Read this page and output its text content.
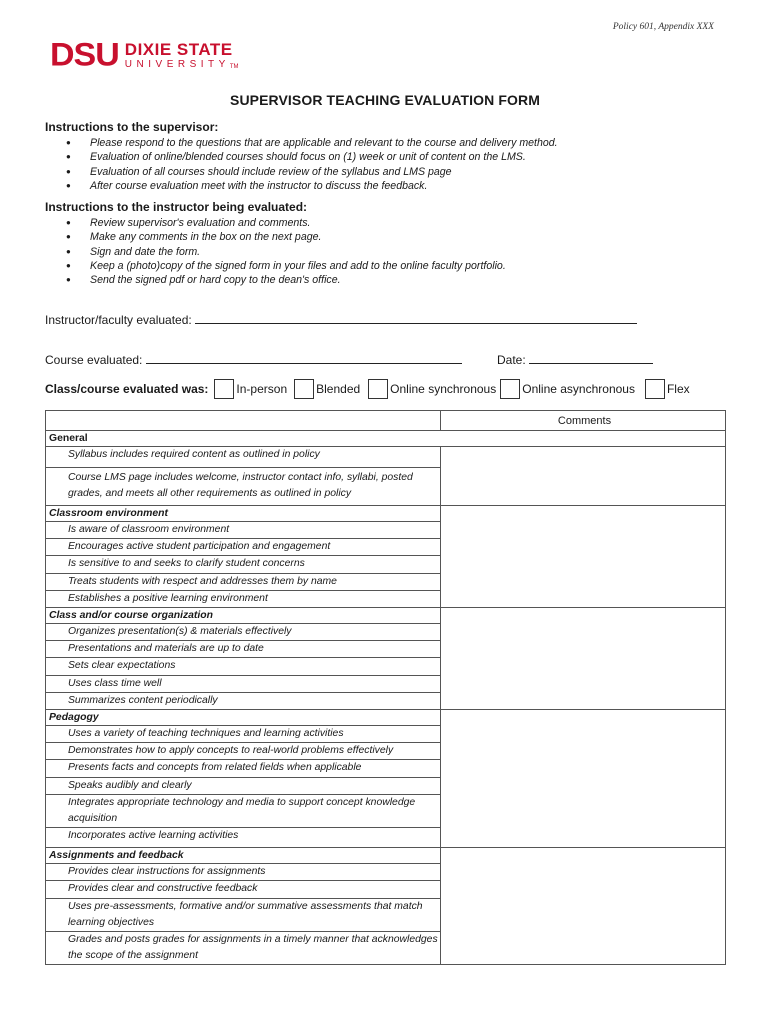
Policy 601, Appendix XXX
DSU DIXIE STATE
UNIVERSITYTM
SUPERVISOR TEACHING EVALUATION FORM
Instructions to the supervisor:
● Please respond to the questions that are applicable and relevant to the course and delivery method.
● Evaluation of online/blended courses should focus on (1) week or unit of content on the LMS.
● Evaluation of all courses should include review of the syllabus and LMS page
● After course evaluation meet with the instructor to discuss the feedback.
Instructions to the instructor being evaluated:
● Review supervisor's evaluation and comments.
● Make any comments in the box on the next page.
● Sign and date the form.
● Keep a (photo)copy of the signed form in your files and add to the online faculty portfolio.
● Send the signed pdf or hard copy to the dean's office.
Instructor/faculty evaluated:
Course evaluated:	Date:
Class/course evaluated was: In-person Blended	Online synchronous Online asynchronous	Flex
	Comments
General	
Syllabus includes required content as outlined in policy	
Course LMS page includes welcome, instructor contact info, syllabi, posted grades, and meets all other requirements as outlined in policy	
Classroom environment	
Is aware of classroom environment	
Encourages active student participation and engagement	
Is sensitive to and seeks to clarify student concerns	
Treats students with respect and addresses them by name	
Establishes a positive learning environment	
Class and/or course organization	
Organizes presentation(s) & materials effectively	
Presentations and materials are up to date	
Sets clear expectations	
Uses class time well	
Summarizes content periodically	
Pedagogy	
Uses a variety of teaching techniques and learning activities	
Demonstrates how to apply concepts to real-world problems effectively	
Presents facts and concepts from related fields when applicable	
Speaks audibly and clearly	
Integrates appropriate technology and media to support concept knowledge acquisition	
Incorporates active learning activities	
Assignments and feedback	
Provides clear instructions for assignments	
Provides clear and constructive feedback	
Uses pre-assessments, formative and/or summative assessments that match learning objectives	
Grades and posts grades for assignments in a timely manner that acknowledges the scope of the assignment	
